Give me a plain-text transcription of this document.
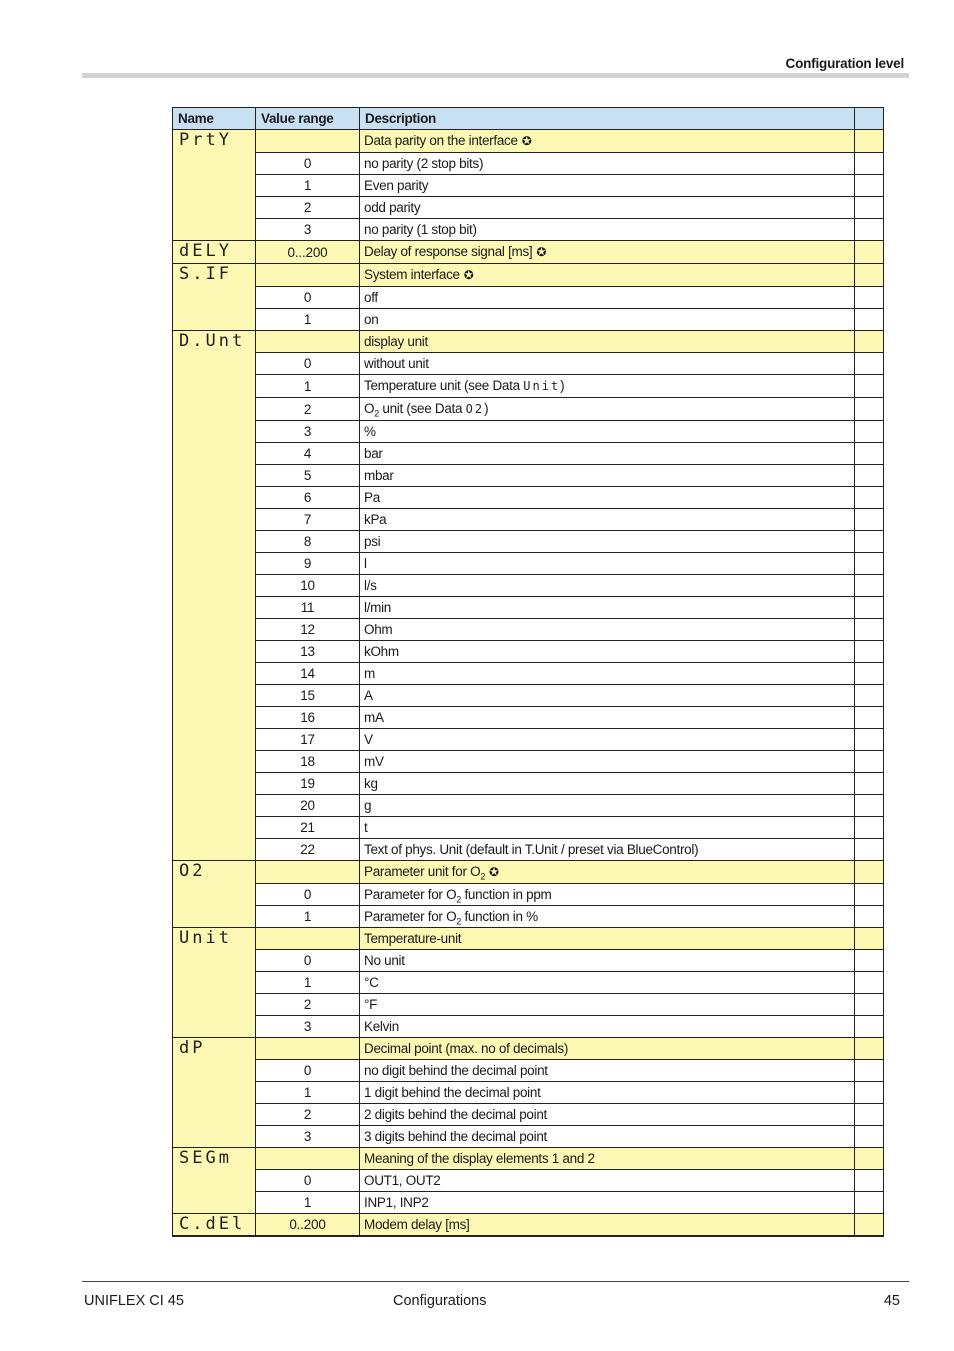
Configuration level
Name	Value range	Description	
PrtY		Data parity on the interface ✪	
	0	no parity (2 stop bits)	
	1	Even parity	
	2	odd parity	
	3	no parity (1 stop bit)	
dELY	0...200	Delay of response signal [ms] ✪	
S.IF		System interface ✪	
	0	off	
	1	on	
D.Unt		display unit	
	0	without unit	
	1	Temperature unit (see Data Unit)	
	2	$O_2$ unit (see Data O2)	
	3	%	
	4	bar	
	5	mbar	
	6	Pa	
	7	kPa	
	8	psi	
	9	l	
	10	l/s	
	11	l/min	
	12	Ohm	
	13	kOhm	
	14	m	
	15	A	
	16	mA	
	17	V	
	18	mV	
	19	kg	
	20	g	
	21	t	
	22	Text of phys. Unit (default in T.Unit / preset via BlueControl)	
O2		Parameter unit for $O_2$ ✪	
	0	Parameter for $O_2$ function in ppm	
	1	Parameter for $O_2$ function in %	
Unit		Temperature-unit	
	0	No unit	
	1	°C	
	2	°F	
	3	Kelvin	
dP		Decimal point (max. no of decimals)	
	0	no digit behind the decimal point	
	1	1 digit behind the decimal point	
	2	2 digits behind the decimal point	
	3	3 digits behind the decimal point	
SEGm		Meaning of the display elements 1 and 2	
	0	OUT1, OUT2	
	1	INP1, INP2	
C.dEl	0..200	Modem delay [ms]	
UNIFLEX CI 45	Configurations	45
